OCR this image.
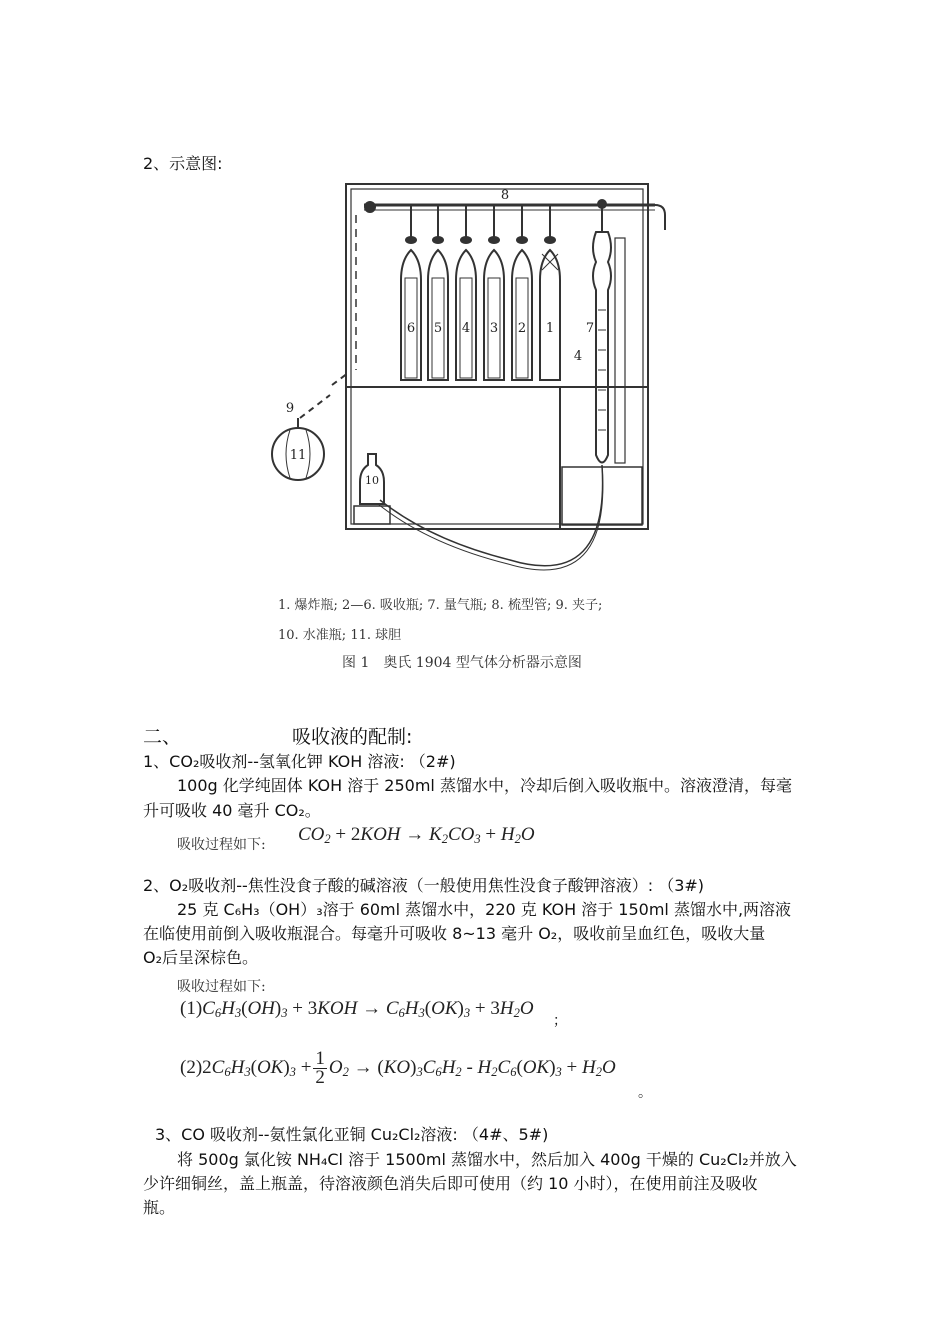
2、示意图:
8
6 5 4 3 2 1 7
4
9
11
10
1. 爆炸瓶; 2—6. 吸收瓶; 7. 量气瓶; 8. 梳型管; 9. 夹子;
10. 水准瓶; 11. 球胆
图 1　奥氏 1904 型气体分析器示意图
二、	吸收液的配制:
1、CO₂吸收剂--氢氧化钾 KOH 溶液: （2#)
100g 化学纯固体 KOH 溶于 250ml 蒸馏水中，冷却后倒入吸收瓶中。溶液澄清，每毫
升可吸收 40 毫升 CO₂。
吸收过程如下: $CO_2 + 2KOH \to K_2CO_3 + H_2O$
2、O₂吸收剂--焦性没食子酸的碱溶液（一般使用焦性没食子酸钾溶液）: （3#)
25 克 C₆H₃（OH）₃溶于 60ml 蒸馏水中，220 克 KOH 溶于 150ml 蒸馏水中,两溶液
在临使用前倒入吸收瓶混合。每毫升可吸收 8~13 毫升 O₂，吸收前呈血红色，吸收大量
O₂后呈深棕色。
吸收过程如下:
$(1)C_6H_3(OH)_3 + 3KOH \to C_6H_3(OK)_3 + 3H_2O$
；
$(2)2C_6H_3(OK)_3 + \frac{1}{2} O_2 \to (KO)_3C_6H_2 - H_2C_6(OK)_3 + H_2O$
。
3、CO 吸收剂--氨性氯化亚铜 Cu₂Cl₂溶液: （4#、5#)
将 500g 氯化铵 NH₄Cl 溶于 1500ml 蒸馏水中，然后加入 400g 干燥的 Cu₂Cl₂并放入
少许细铜丝，盖上瓶盖，待溶液颜色消失后即可使用（约 10 小时），在使用前注及吸收
瓶。
